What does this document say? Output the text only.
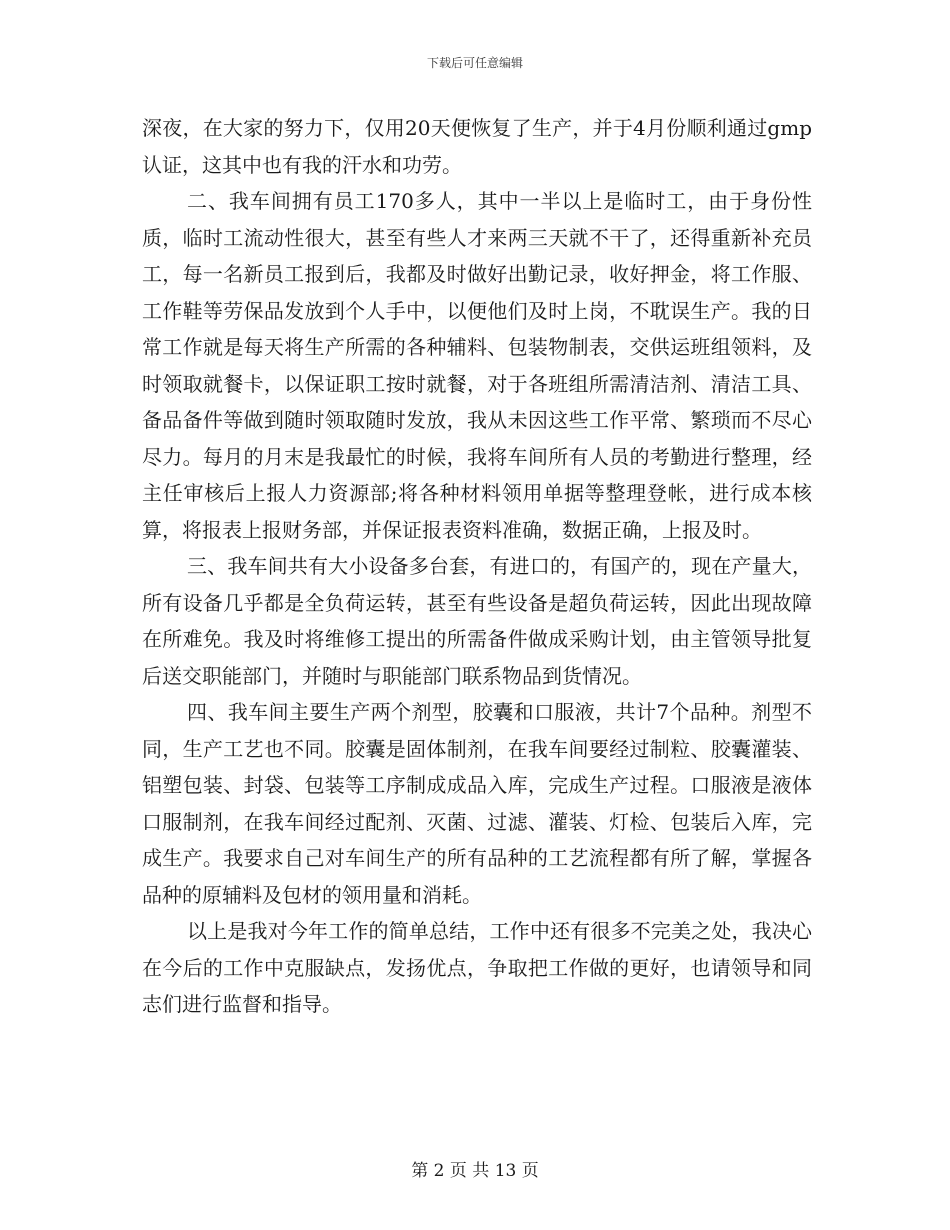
下载后可任意编辑

深夜，在大家的努力下，仅用20天便恢复了生产，并于4月份顺利通过gmp认证，这其中也有我的汗水和功劳。

二、我车间拥有员工170多人，其中一半以上是临时工，由于身份性质，临时工流动性很大，甚至有些人才来两三天就不干了，还得重新补充员工，每一名新员工报到后，我都及时做好出勤记录，收好押金，将工作服、工作鞋等劳保品发放到个人手中，以便他们及时上岗，不耽误生产。我的日常工作就是每天将生产所需的各种辅料、包装物制表，交供运班组领料，及时领取就餐卡，以保证职工按时就餐，对于各班组所需清洁剂、清洁工具、备品备件等做到随时领取随时发放，我从未因这些工作平常、繁琐而不尽心尽力。每月的月末是我最忙的时候，我将车间所有人员的考勤进行整理，经主任审核后上报人力资源部;将各种材料领用单据等整理登帐，进行成本核算，将报表上报财务部，并保证报表资料准确，数据正确，上报及时。

三、我车间共有大小设备多台套，有进口的，有国产的，现在产量大，所有设备几乎都是全负荷运转，甚至有些设备是超负荷运转，因此出现故障在所难免。我及时将维修工提出的所需备件做成采购计划，由主管领导批复后送交职能部门，并随时与职能部门联系物品到货情况。

四、我车间主要生产两个剂型，胶囊和口服液，共计7个品种。剂型不同，生产工艺也不同。胶囊是固体制剂，在我车间要经过制粒、胶囊灌装、铝塑包装、封袋、包装等工序制成成品入库，完成生产过程。口服液是液体口服制剂，在我车间经过配剂、灭菌、过滤、灌装、灯检、包装后入库，完成生产。我要求自己对车间生产的所有品种的工艺流程都有所了解，掌握各品种的原辅料及包材的领用量和消耗。

以上是我对今年工作的简单总结，工作中还有很多不完美之处，我决心在今后的工作中克服缺点，发扬优点，争取把工作做的更好，也请领导和同志们进行监督和指导。

第 2 页 共 13 页
